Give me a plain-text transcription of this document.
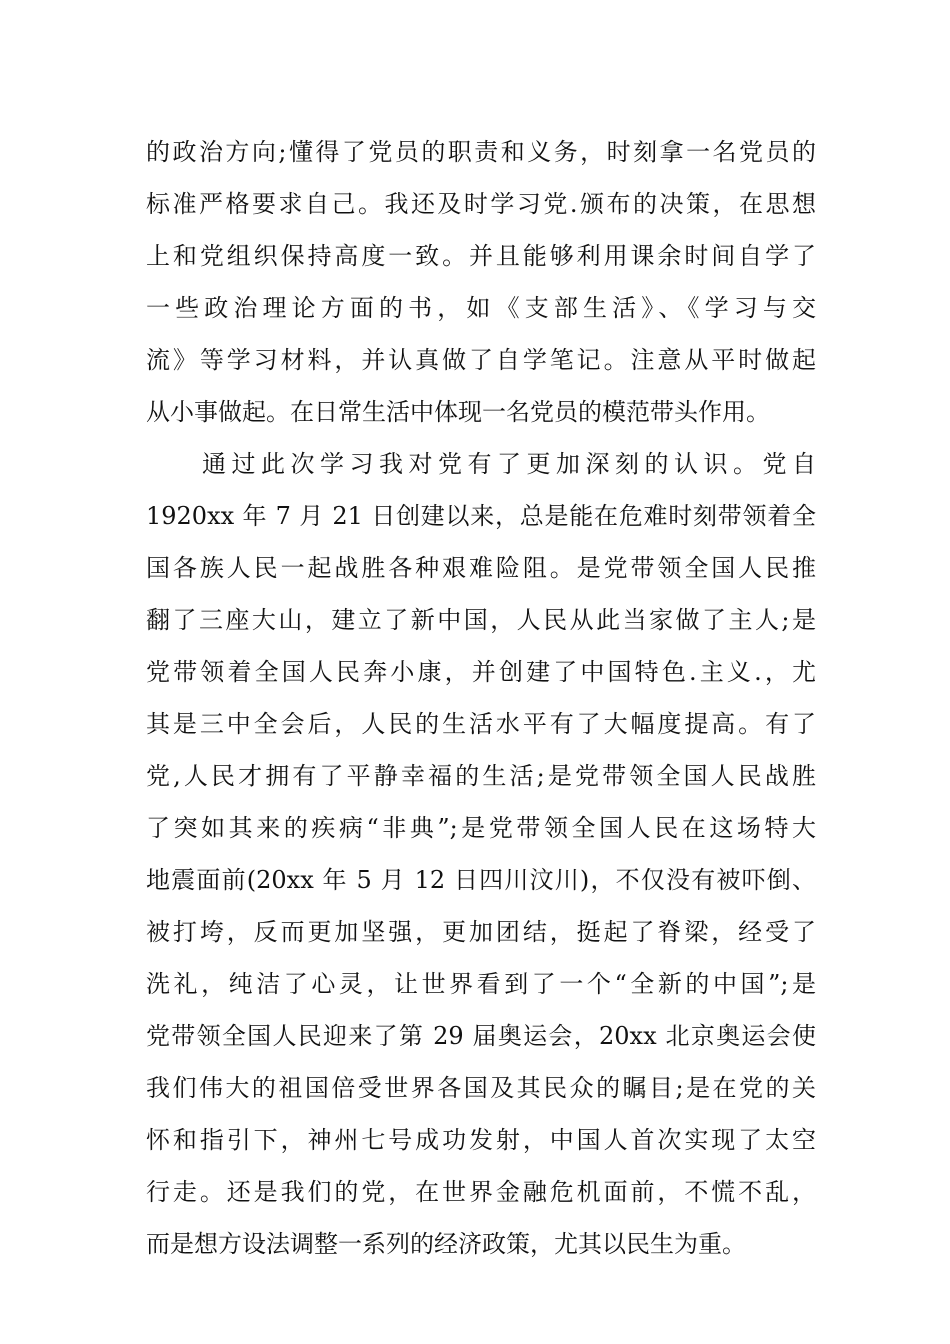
的政治方向;懂得了党员的职责和义务，时刻拿一名党员的
标准严格要求自己。我还及时学习党.颁布的决策，在思想
上和党组织保持高度一致。并且能够利用课余时间自学了
一些政治理论方面的书，如《支部生活》、《学习与交
流》等学习材料，并认真做了自学笔记。注意从平时做起
从小事做起。在日常生活中体现一名党员的模范带头作用。
通过此次学习我对党有了更加深刻的认识。党自
1920xx 年 7 月 21 日创建以来，总是能在危难时刻带领着全
国各族人民一起战胜各种艰难险阻。是党带领全国人民推
翻了三座大山，建立了新中国，人民从此当家做了主人;是
党带领着全国人民奔小康，并创建了中国特色.主义.，尤
其是三中全会后，人民的生活水平有了大幅度提高。有了
党,人民才拥有了平静幸福的生活;是党带领全国人民战胜
了突如其来的疾病“非典”;是党带领全国人民在这场特大
地震面前(20xx 年 5 月 12 日四川汶川)，不仅没有被吓倒、
被打垮，反而更加坚强，更加团结，挺起了脊梁，经受了
洗礼，纯洁了心灵，让世界看到了一个“全新的中国”;是
党带领全国人民迎来了第 29 届奥运会，20xx 北京奥运会使
我们伟大的祖国倍受世界各国及其民众的瞩目;是在党的关
怀和指引下，神州七号成功发射，中国人首次实现了太空
行走。还是我们的党，在世界金融危机面前，不慌不乱，
而是想方设法调整一系列的经济政策，尤其以民生为重。
